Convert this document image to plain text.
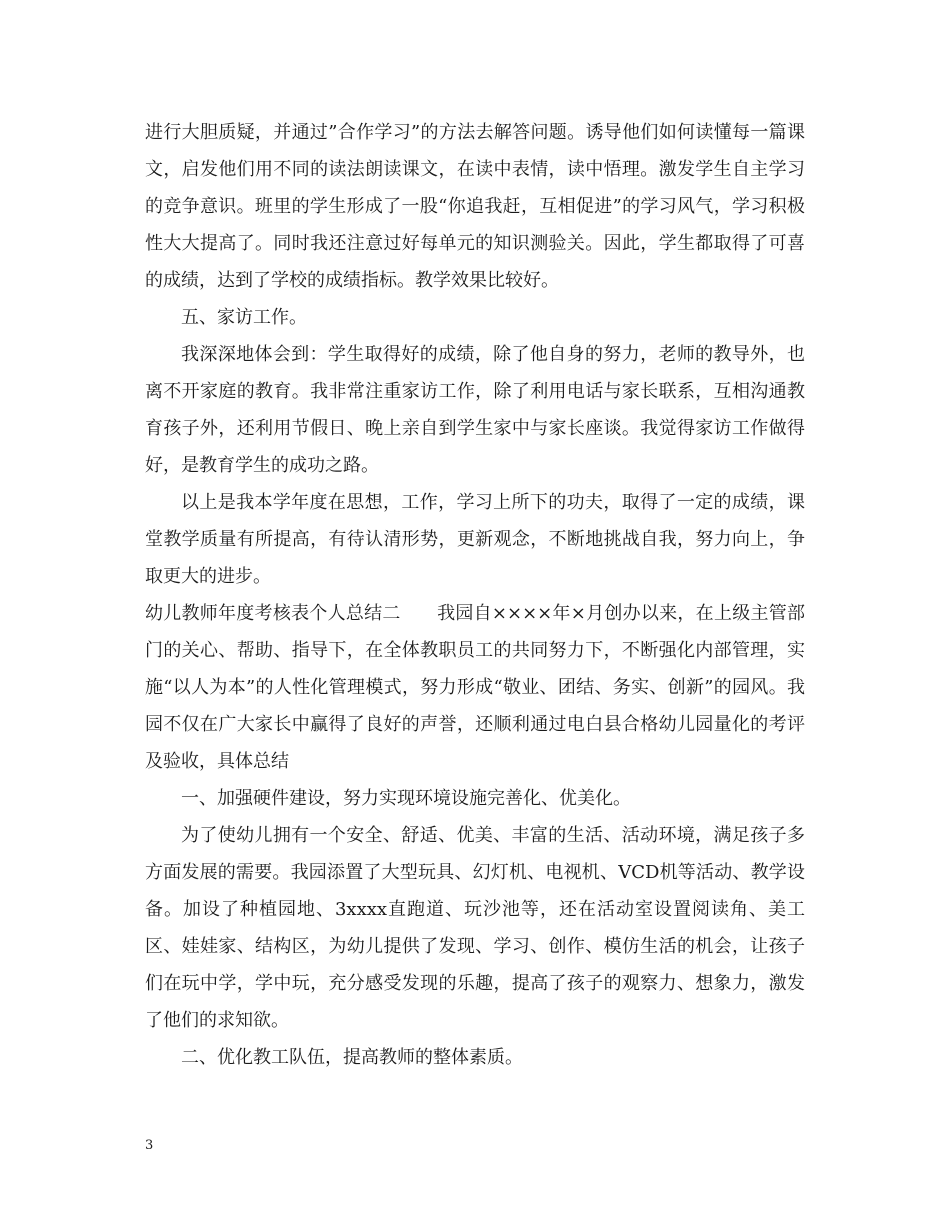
进行大胆质疑，并通过”合作学习”的方法去解答问题。诱导他们如何读懂每一篇课文，启发他们用不同的读法朗读课文，在读中表情，读中悟理。激发学生自主学习的竞争意识。班里的学生形成了一股“你追我赶，互相促进”的学习风气，学习积极性大大提高了。同时我还注意过好每单元的知识测验关。因此，学生都取得了可喜的成绩，达到了学校的成绩指标。教学效果比较好。

五、家访工作。

我深深地体会到：学生取得好的成绩，除了他自身的努力，老师的教导外，也离不开家庭的教育。我非常注重家访工作，除了利用电话与家长联系，互相沟通教育孩子外，还利用节假日、晚上亲自到学生家中与家长座谈。我觉得家访工作做得好，是教育学生的成功之路。

以上是我本学年度在思想，工作，学习上所下的功夫，取得了一定的成绩，课堂教学质量有所提高，有待认清形势，更新观念，不断地挑战自我，努力向上，争取更大的进步。

幼儿教师年度考核表个人总结二　　我园自××××年×月创办以来，在上级主管部门的关心、帮助、指导下，在全体教职员工的共同努力下，不断强化内部管理，实施“以人为本”的人性化管理模式，努力形成“敬业、团结、务实、创新”的园风。我园不仅在广大家长中赢得了良好的声誉，还顺利通过电白县合格幼儿园量化的考评及验收，具体总结

一、加强硬件建设，努力实现环境设施完善化、优美化。

为了使幼儿拥有一个安全、舒适、优美、丰富的生活、活动环境，满足孩子多方面发展的需要。我园添置了大型玩具、幻灯机、电视机、VCD机等活动、教学设备。加设了种植园地、3xxxx直跑道、玩沙池等，还在活动室设置阅读角、美工区、娃娃家、结构区，为幼儿提供了发现、学习、创作、模仿生活的机会，让孩子们在玩中学，学中玩，充分感受发现的乐趣，提高了孩子的观察力、想象力，激发了他们的求知欲。

二、优化教工队伍，提高教师的整体素质。

3
